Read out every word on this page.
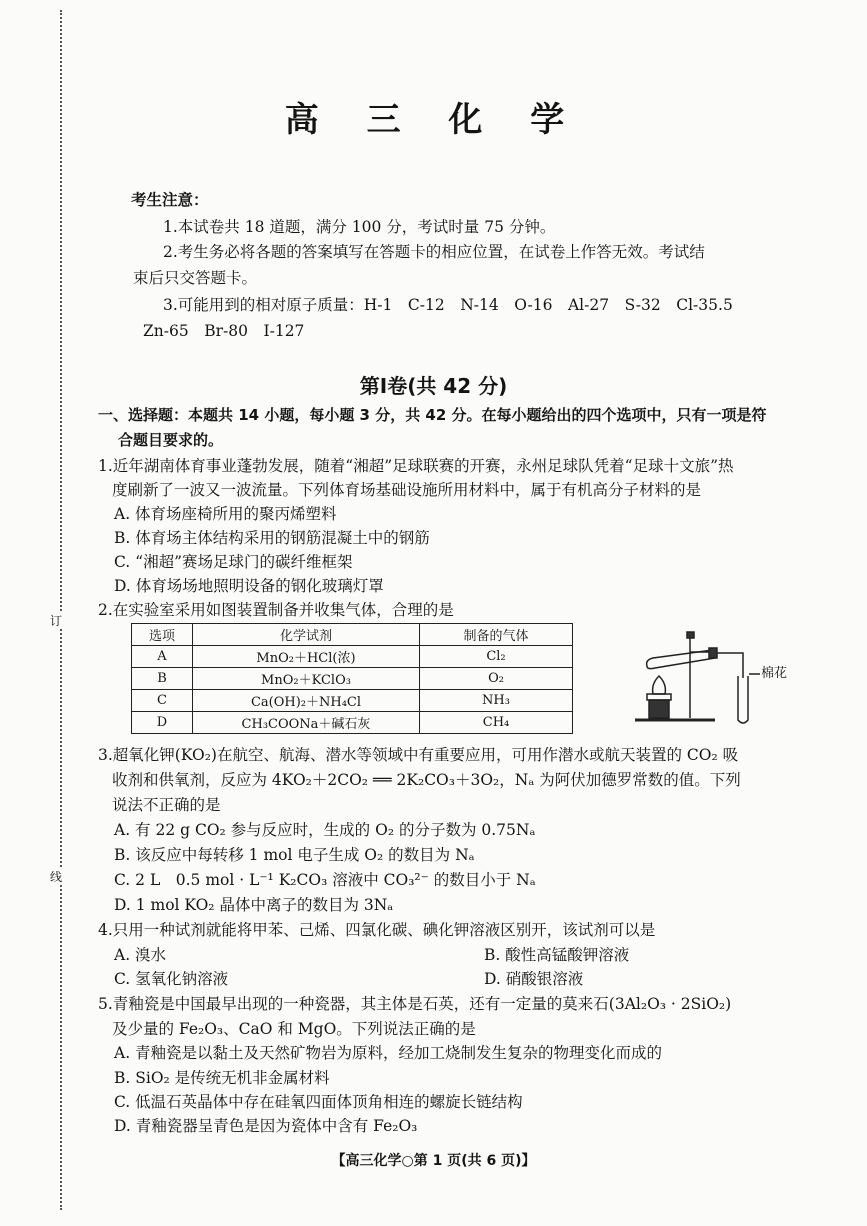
订
线
高 三 化 学
考生注意：
1.本试卷共 18 道题，满分 100 分，考试时量 75 分钟。
2.考生务必将各题的答案填写在答题卡的相应位置，在试卷上作答无效。考试结
束后只交答题卡。
3.可能用到的相对原子质量：H-1　C-12　N-14　O-16　Al-27　S-32　Cl-35.5
Zn-65　Br-80　I-127
第Ⅰ卷(共 42 分)
一、选择题：本题共 14 小题，每小题 3 分，共 42 分。在每小题给出的四个选项中，只有一项是符
合题目要求的。
1.近年湖南体育事业蓬勃发展，随着“湘超”足球联赛的开赛，永州足球队凭着“足球十文旅”热
度刷新了一波又一波流量。下列体育场基础设施所用材料中，属于有机高分子材料的是
A. 体育场座椅所用的聚丙烯塑料
B. 体育场主体结构采用的钢筋混凝土中的钢筋
C. “湘超”赛场足球门的碳纤维框架
D. 体育场场地照明设备的钢化玻璃灯罩
2.在实验室采用如图装置制备并收集气体，合理的是
选项	化学试剂	制备的气体
A	MnO₂＋HCl(浓)	Cl₂
B	MnO₂＋KClO₃	O₂
C	Ca(OH)₂＋NH₄Cl	NH₃
D	CH₃COONa＋碱石灰	CH₄
棉花
3.超氧化钾(KO₂)在航空、航海、潜水等领域中有重要应用，可用作潜水或航天装置的 CO₂ 吸
收剂和供氧剂，反应为 4KO₂＋2CO₂ ══ 2K₂CO₃＋3O₂，Nₐ 为阿伏加德罗常数的值。下列
说法不正确的是
A. 有 22 g CO₂ 参与反应时，生成的 O₂ 的分子数为 0.75Nₐ
B. 该反应中每转移 1 mol 电子生成 O₂ 的数目为 Nₐ
C. 2 L　0.5 mol · L⁻¹ K₂CO₃ 溶液中 CO₃²⁻ 的数目小于 Nₐ
D. 1 mol KO₂ 晶体中离子的数目为 3Nₐ
4.只用一种试剂就能将甲苯、己烯、四氯化碳、碘化钾溶液区别开，该试剂可以是
A. 溴水	B. 酸性高锰酸钾溶液
C. 氢氧化钠溶液	D. 硝酸银溶液
5.青釉瓷是中国最早出现的一种瓷器，其主体是石英，还有一定量的莫来石(3Al₂O₃ · 2SiO₂)
及少量的 Fe₂O₃、CaO 和 MgO。下列说法正确的是
A. 青釉瓷是以黏土及天然矿物岩为原料，经加工烧制发生复杂的物理变化而成的
B. SiO₂ 是传统无机非金属材料
C. 低温石英晶体中存在硅氧四面体顶角相连的螺旋长链结构
D. 青釉瓷器呈青色是因为瓷体中含有 Fe₂O₃
【高三化学○第 1 页(共 6 页)】
